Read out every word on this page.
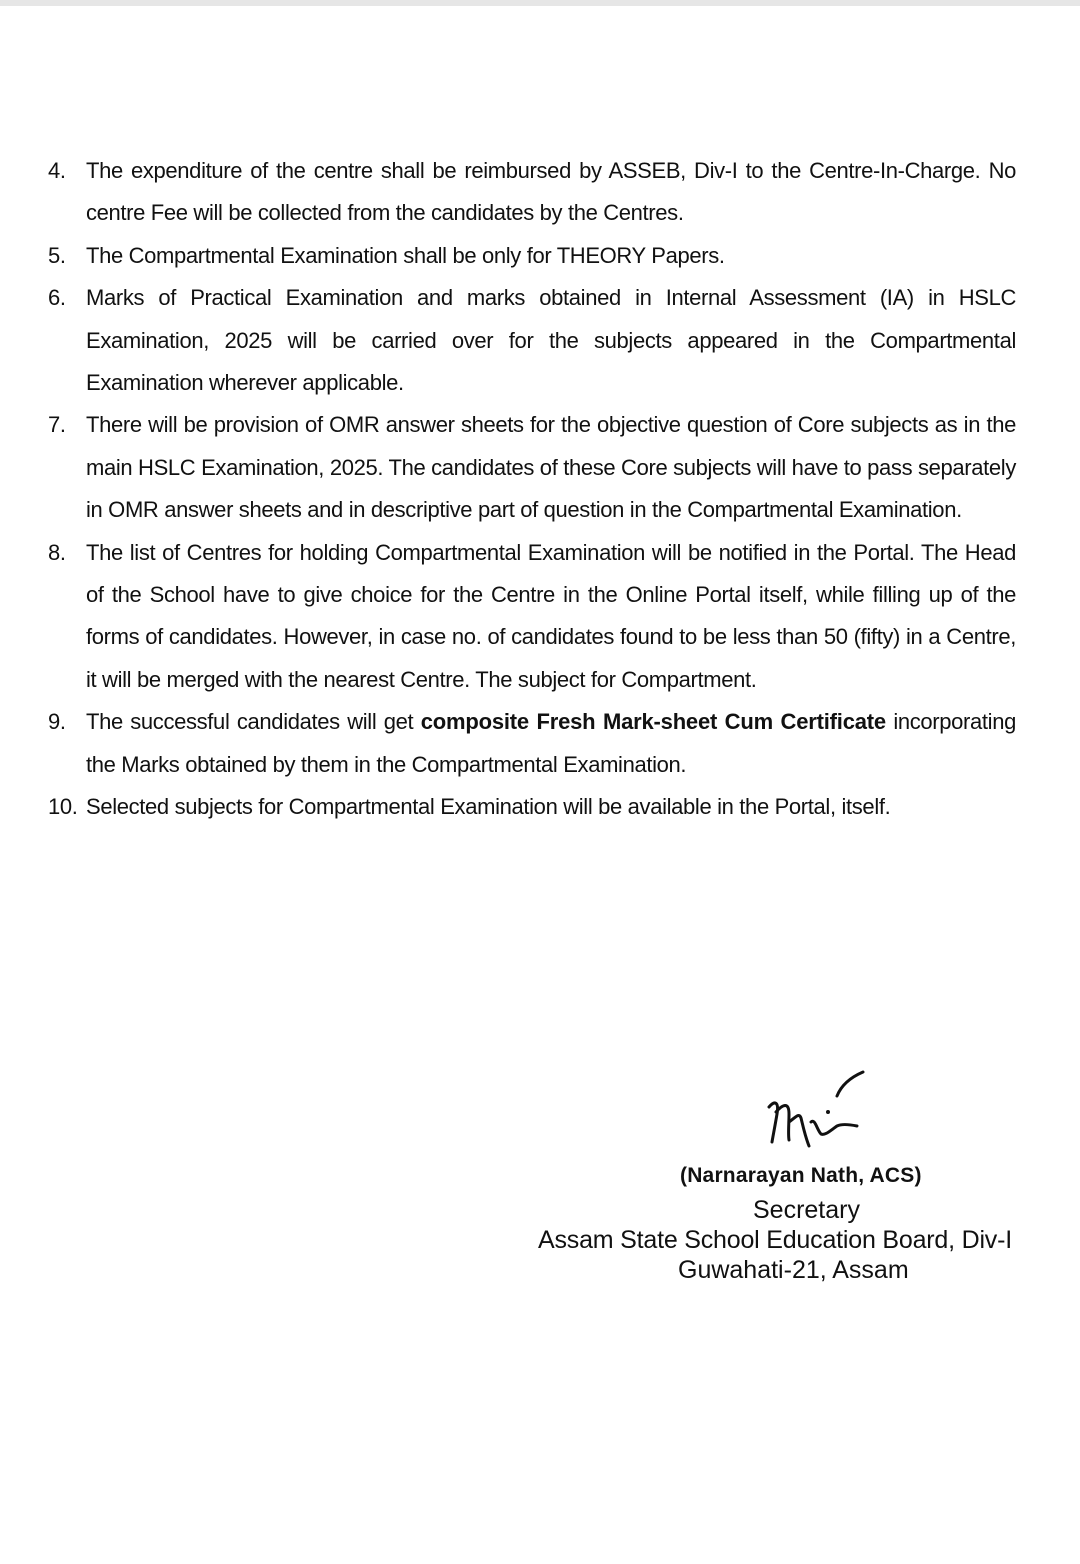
4. The expenditure of the centre shall be reimbursed by ASSEB, Div-I to the Centre-In-Charge. No centre Fee will be collected from the candidates by the Centres.
5. The Compartmental Examination shall be only for THEORY Papers.
6. Marks of Practical Examination and marks obtained in Internal Assessment (IA) in HSLC Examination, 2025 will be carried over for the subjects appeared in the Compartmental Examination wherever applicable.
7. There will be provision of OMR answer sheets for the objective question of Core subjects as in the main HSLC Examination, 2025. The candidates of these Core subjects will have to pass separately in OMR answer sheets and in descriptive part of question in the Compartmental Examination.
8. The list of Centres for holding Compartmental Examination will be notified in the Portal. The Head of the School have to give choice for the Centre in the Online Portal itself, while filling up of the forms of candidates. However, in case no. of candidates found to be less than 50 (fifty) in a Centre, it will be merged with the nearest Centre. The subject for Compartment.
9. The successful candidates will get composite Fresh Mark-sheet Cum Certificate incorporating the Marks obtained by them in the Compartmental Examination.
10. Selected subjects for Compartmental Examination will be available in the Portal, itself.
(Narnarayan Nath, ACS)
Secretary
Assam State School Education Board, Div-I
Guwahati-21, Assam
